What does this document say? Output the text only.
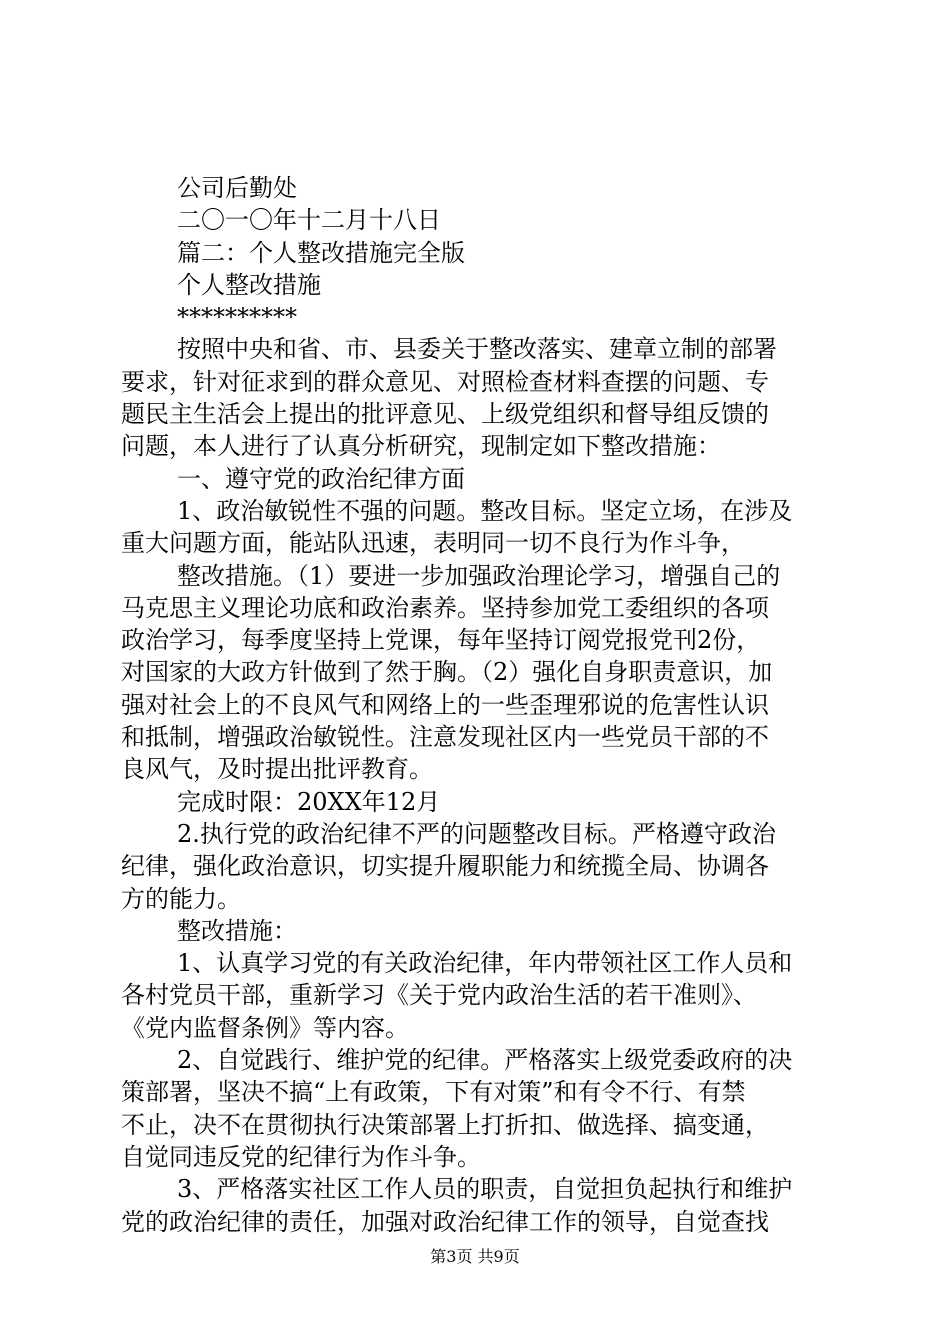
公司后勤处
二〇一〇年十二月十八日
篇二：个人整改措施完全版
个人整改措施
**********
按照中央和省、市、县委关于整改落实、建章立制的部署
要求，针对征求到的群众意见、对照检查材料查摆的问题、专
题民主生活会上提出的批评意见、上级党组织和督导组反馈的
问题，本人进行了认真分析研究，现制定如下整改措施：
一、遵守党的政治纪律方面
1、政治敏锐性不强的问题。整改目标。坚定立场，在涉及
重大问题方面，能站队迅速，表明同一切不良行为作斗争，
整改措施。（1）要进一步加强政治理论学习，增强自己的
马克思主义理论功底和政治素养。坚持参加党工委组织的各项
政治学习，每季度坚持上党课，每年坚持订阅党报党刊2份，
对国家的大政方针做到了然于胸。（2）强化自身职责意识，加
强对社会上的不良风气和网络上的一些歪理邪说的危害性认识
和抵制，增强政治敏锐性。注意发现社区内一些党员干部的不
良风气，及时提出批评教育。
完成时限：20XX年12月
2.执行党的政治纪律不严的问题整改目标。严格遵守政治
纪律，强化政治意识，切实提升履职能力和统揽全局、协调各
方的能力。
整改措施：
1、认真学习党的有关政治纪律，年内带领社区工作人员和
各村党员干部，重新学习《关于党内政治生活的若干准则》、
《党内监督条例》等内容。
2、自觉践行、维护党的纪律。严格落实上级党委政府的决
策部署，坚决不搞“上有政策，下有对策”和有令不行、有禁
不止，决不在贯彻执行决策部署上打折扣、做选择、搞变通，
自觉同违反党的纪律行为作斗争。
3、严格落实社区工作人员的职责，自觉担负起执行和维护
党的政治纪律的责任，加强对政治纪律工作的领导，自觉查找
第3页 共9页
